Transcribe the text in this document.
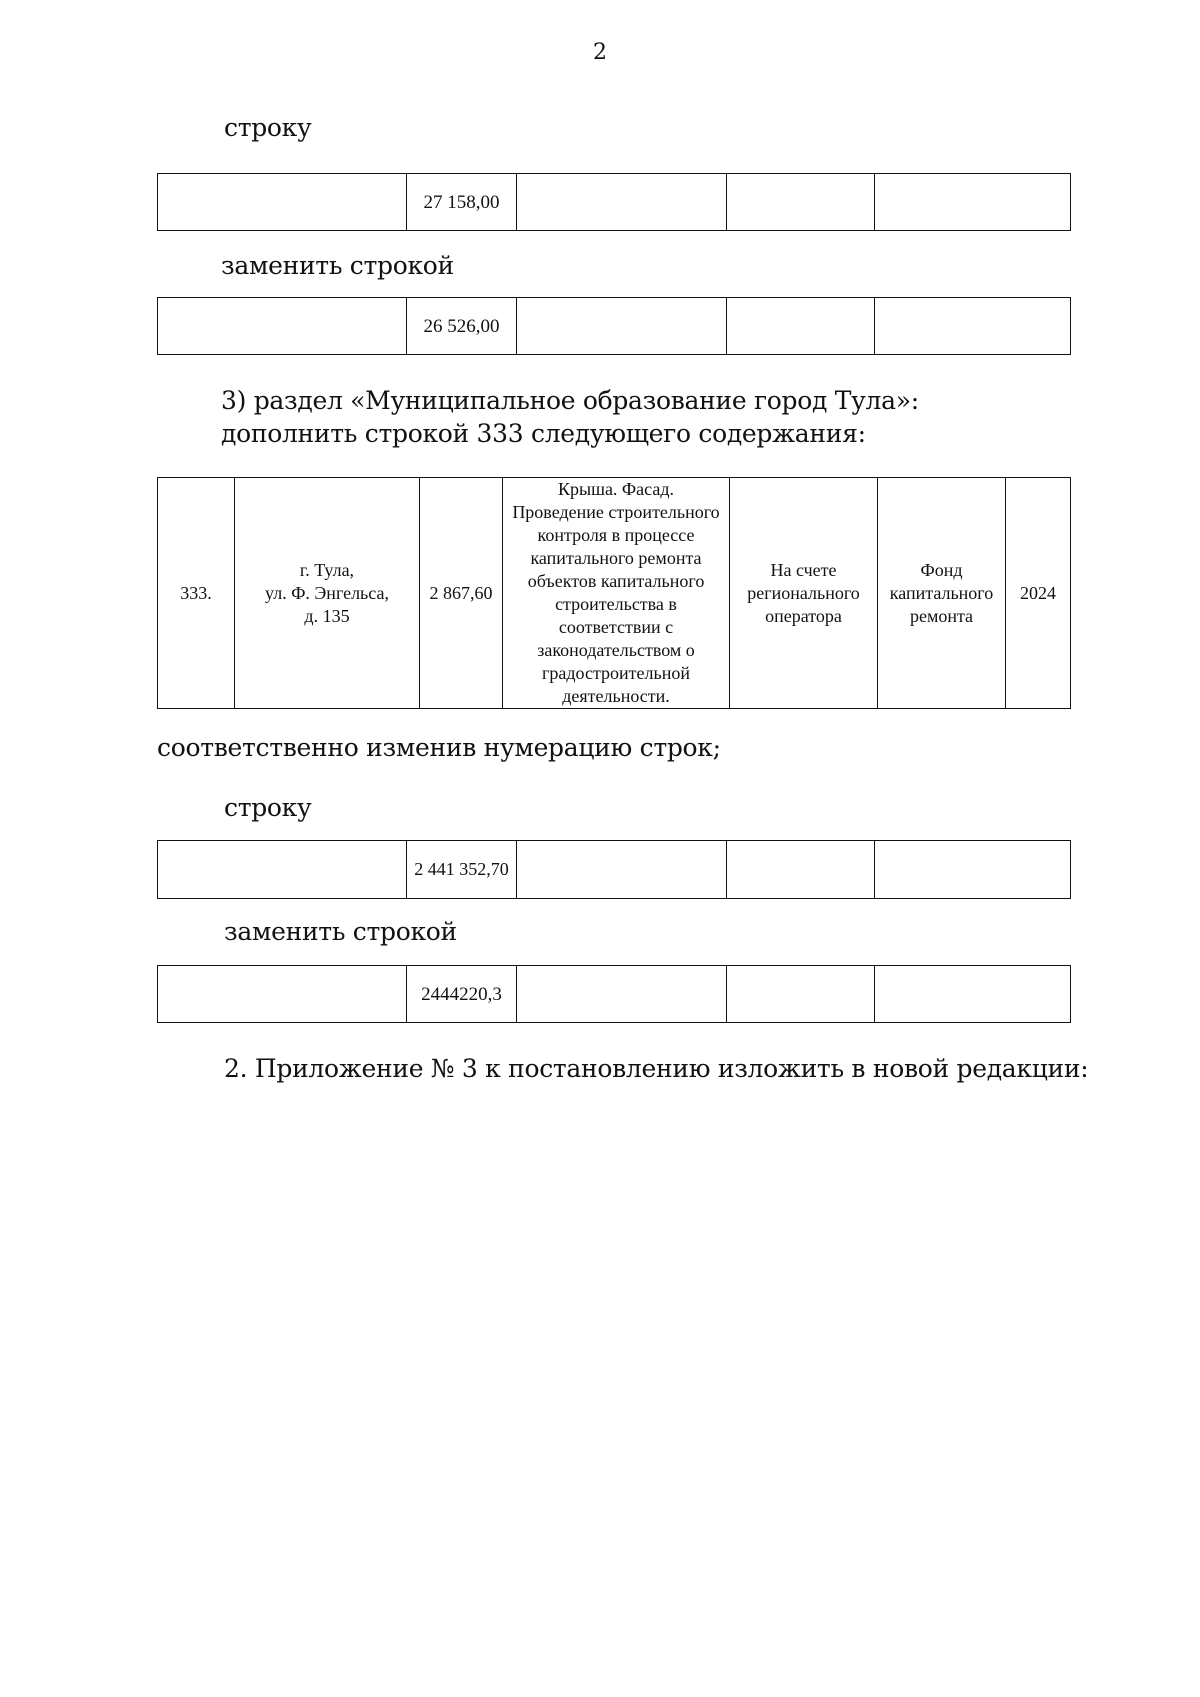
2
строку
	27 158,00			
заменить строкой
	26 526,00			
3) раздел «Муниципальное образование город Тула»:
дополнить строкой 333 следующего содержания:
333.	г. Тула,
ул. Ф. Энгельса,
д. 135	2 867,60	Крыша. Фасад.
Проведение строительного
контроля в процессе
капитального ремонта
объектов капитального
строительства в
соответствии с
законодательством о
градостроительной
деятельности.	На счете
регионального
оператора	Фонд
капитального
ремонта	2024
соответственно изменив нумерацию строк;
строку
	2 441 352,70			
заменить строкой
	2444220,3			
2. Приложение № 3 к постановлению изложить в новой редакции:
